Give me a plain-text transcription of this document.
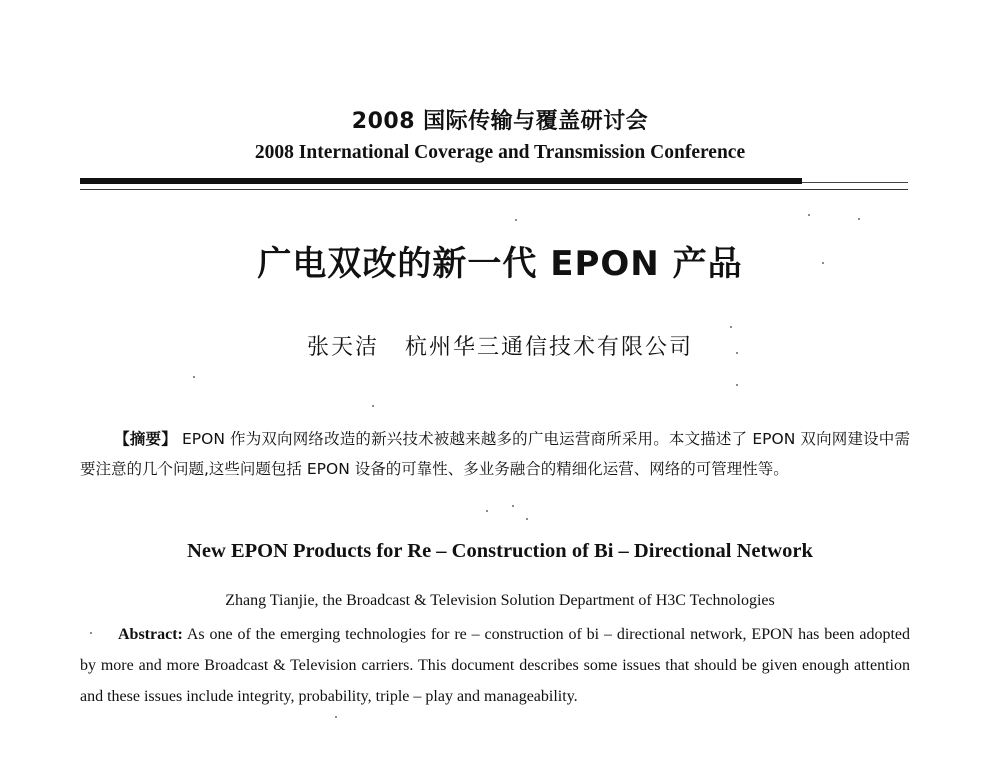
2008 国际传输与覆盖研讨会
2008 International Coverage and Transmission Conference
广电双改的新一代 EPON 产品
张天洁 杭州华三通信技术有限公司
【摘要】 EPON 作为双向网络改造的新兴技术被越来越多的广电运营商所采用。本文描述了 EPON 双向网建设中需要注意的几个问题,这些问题包括 EPON 设备的可靠性、多业务融合的精细化运营、网络的可管理性等。
New EPON Products for Re – Construction of Bi – Directional Network
Zhang Tianjie, the Broadcast & Television Solution Department of H3C Technologies
Abstract: As one of the emerging technologies for re – construction of bi – directional network, EPON has been adopted by more and more Broadcast & Television carriers. This document describes some issues that should be given enough attention and these issues include integrity, probability, triple – play and manageability.
